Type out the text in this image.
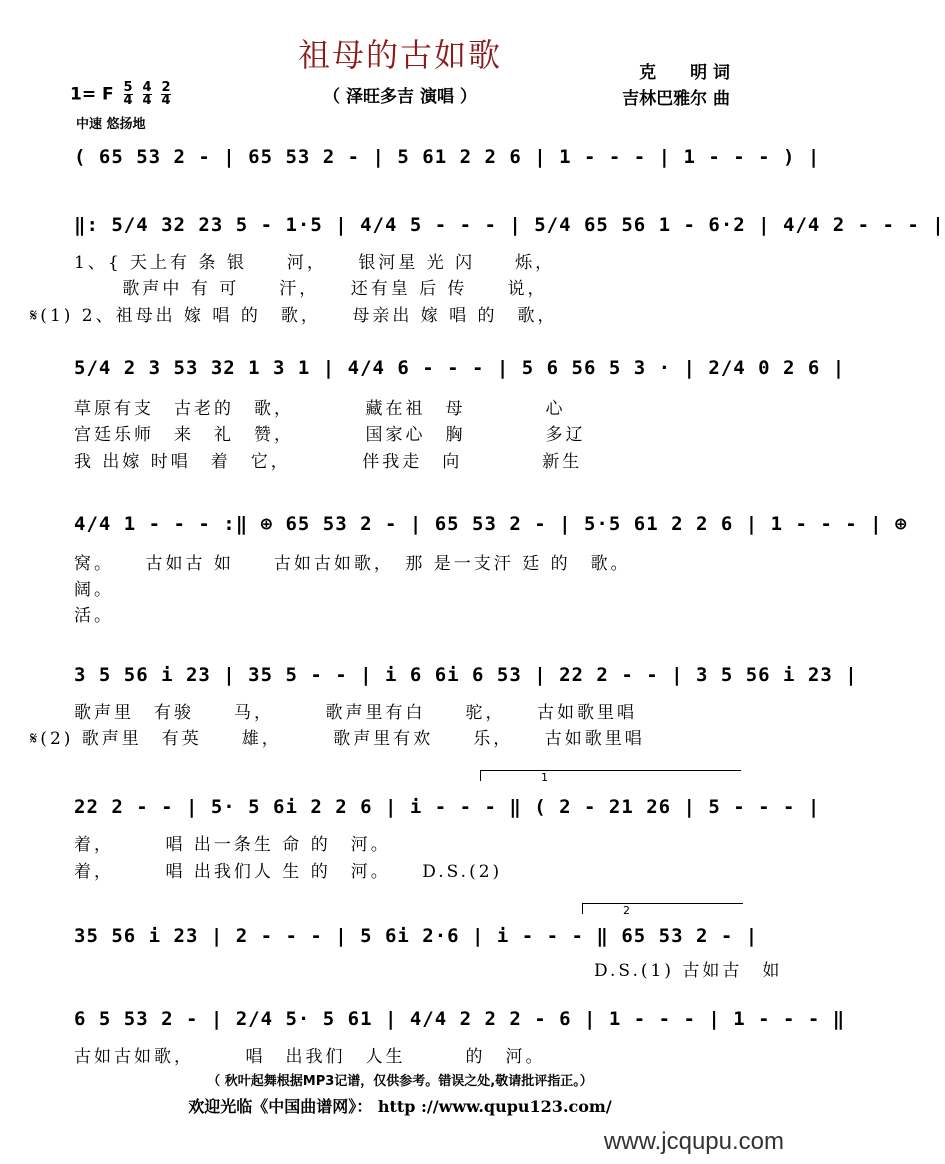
祖母的古如歌
（ 泽旺多吉 演唱 ）
克　　明 词
吉林巴雅尔 曲
1= F $\frac{5}{4} \frac{4}{4} \frac{2}{4}$
中速 悠扬地
( 65 53 2 - | 65 53 2 - | 5 61 2 2 6 | 1 - - - | 1 - - - ) |
‖: 5/4 32 23 5 - 1·5 | 4/4 5 - - - | 5/4 65 56 1 - 6·2 | 4/4 2 - - - |
1、{ 天上有 条 银　　河，　　银河星 光 闪　　烁，
　　 歌声中 有 可　　汗，　　还有皇 后 传　　说，
𝄋(1) 2、祖母出 嫁 唱 的　歌，　　母亲出 嫁 唱 的　歌，
5/4 2 3 53 32 1 3 1 | 4/4 6 - - - | 5 6 56 5 3 · | 2/4 0 2 6 |
草原有支　古老的　歌，　　　　藏在祖　母　　　　心
宫廷乐师　来　礼　赞，　　　　国家心　胸　　　　多辽
我 出嫁 时唱　着　它，　　　　伴我走　向　　　　新生
4/4 1 - - - :‖ ⊕ 65 53 2 - | 65 53 2 - | 5·5 61 2 2 6 | 1 - - - | ⊕
窝。　　古如古 如　　古如古如歌，　那 是一支汗 廷 的　歌。
阔。
活。
3 5 56 i 23 | 35 5 - - | i 6 6i 6 53 | 22 2 - - | 3 5 56 i 23 |
歌声里　有骏　　马，　　　歌声里有白　　驼，　　古如歌里唱
𝄋(2) 歌声里　有英　　雄，　　　歌声里有欢　　乐，　　古如歌里唱
1
22 2 - - | 5· 5 6i 2 2 6 | i - - - ‖ ( 2 - 21 26 | 5 - - - |
着，　　　唱 出一条生 命 的　河。
着，　　　唱 出我们人 生 的　河。　　D.S.(2)
2
35 56 i 23 | 2 - - - | 5 6i 2·6 | i - - - ‖ 65 53 2 - |
　　　　　　　　　　　　　　　　　　　　　　　　　　D.S.(1) 古如古　如
6 5 53 2 - | 2/4 5· 5 61 | 4/4 2 2 2 - 6 | 1 - - - | 1 - - - ‖
古如古如歌，　　　唱　出我们　人生　　　的　河。
（ 秋叶起舞根据MP3记谱，仅供参考。错误之处,敬请批评指正。）
欢迎光临《中国曲谱网》： http ://www.qupu123.com/
www.jcqupu.com
